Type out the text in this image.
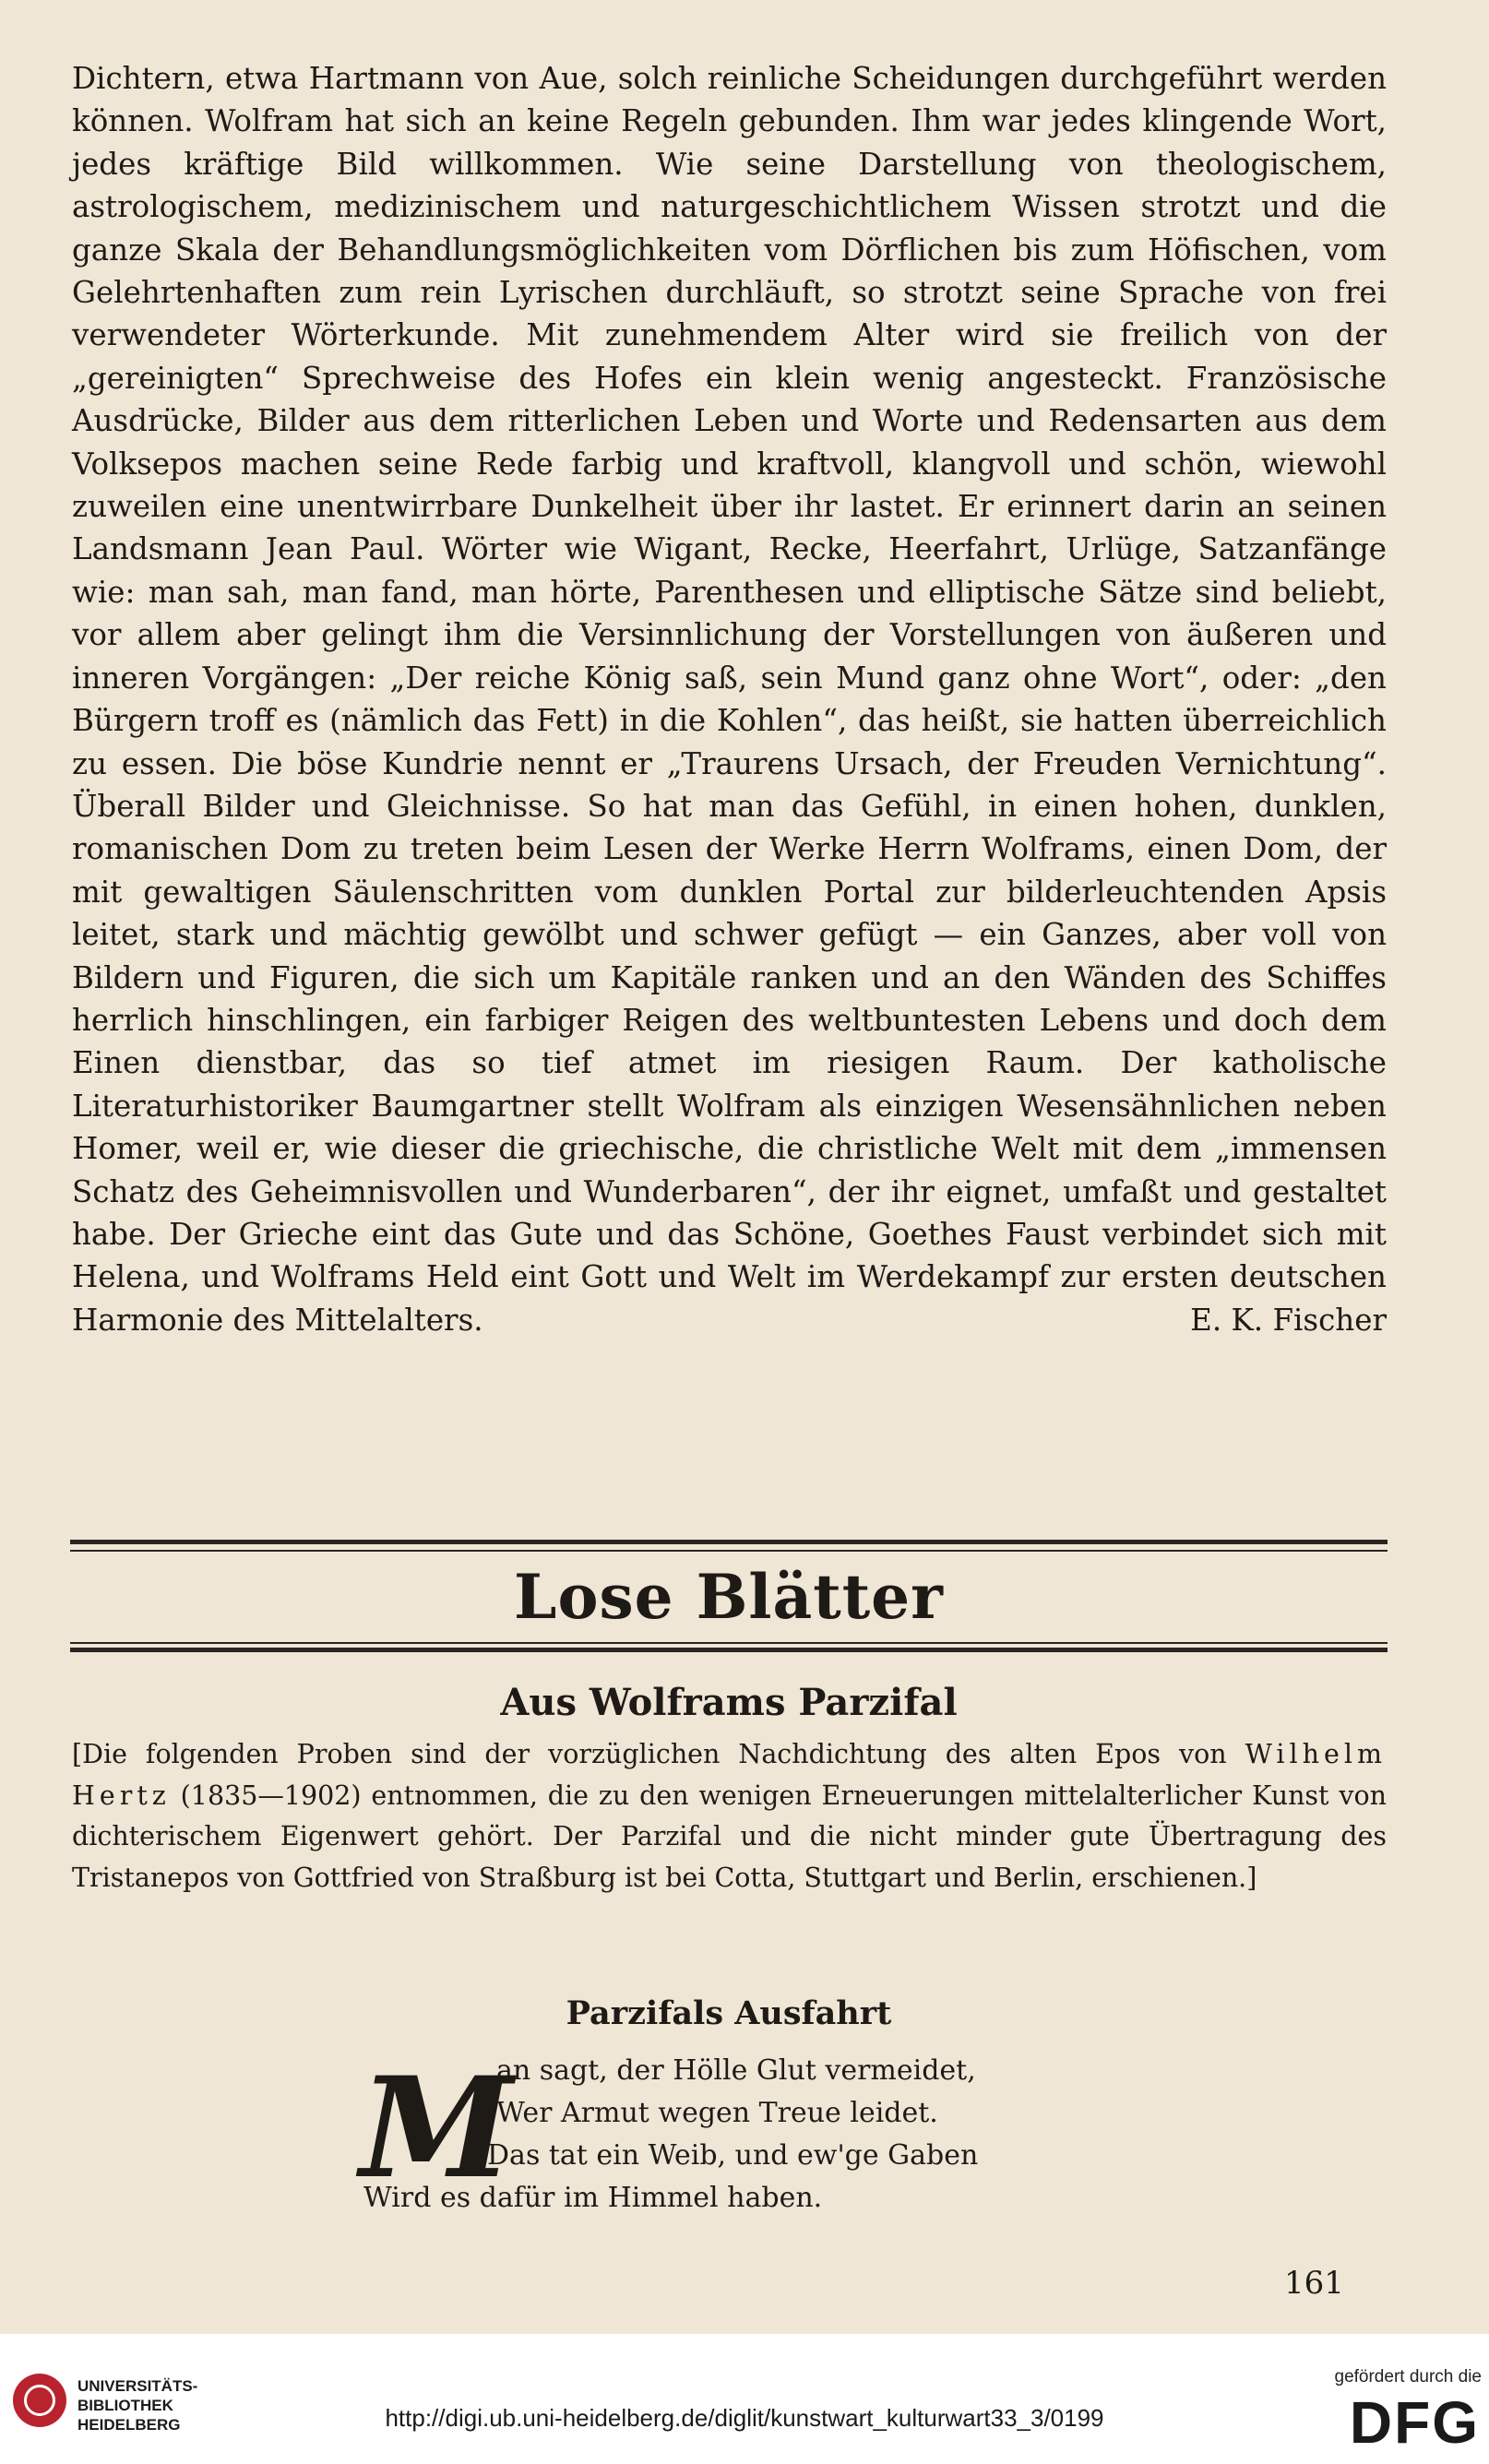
Dichtern, etwa Hartmann von Aue, solch reinliche Scheidungen durchgeführt werden können. Wolfram hat sich an keine Regeln gebunden. Ihm war jedes klingende Wort, jedes kräftige Bild willkommen. Wie seine Darstellung von theologischem, astrologischem, medizinischem und naturgeschichtlichem Wissen strotzt und die ganze Skala der Behandlungsmöglichkeiten vom Dörflichen bis zum Höfischen, vom Gelehrtenhaften zum rein Lyrischen durchläuft, so strotzt seine Sprache von frei verwendeter Wörterkunde. Mit zunehmendem Alter wird sie freilich von der „gereinigten“ Sprechweise des Hofes ein klein wenig angesteckt. Französische Ausdrücke, Bilder aus dem ritterlichen Leben und Worte und Redensarten aus dem Volksepos machen seine Rede farbig und kraftvoll, klangvoll und schön, wiewohl zuweilen eine unentwirrbare Dunkelheit über ihr lastet. Er erinnert darin an seinen Landsmann Jean Paul. Wörter wie Wigant, Recke, Heerfahrt, Urlüge, Satzanfänge wie: man sah, man fand, man hörte, Parenthesen und elliptische Sätze sind beliebt, vor allem aber gelingt ihm die Versinnlichung der Vorstellungen von äußeren und inneren Vorgängen: „Der reiche König saß, sein Mund ganz ohne Wort“, oder: „den Bürgern troff es (nämlich das Fett) in die Kohlen“, das heißt, sie hatten überreichlich zu essen. Die böse Kundrie nennt er „Traurens Ursach, der Freuden Vernichtung“. Überall Bilder und Gleichnisse. So hat man das Gefühl, in einen hohen, dunklen, romanischen Dom zu treten beim Lesen der Werke Herrn Wolframs, einen Dom, der mit gewaltigen Säulenschritten vom dunklen Portal zur bilderleuchtenden Apsis leitet, stark und mächtig gewölbt und schwer gefügt — ein Ganzes, aber voll von Bildern und Figuren, die sich um Kapitäle ranken und an den Wänden des Schiffes herrlich hinschlingen, ein farbiger Reigen des weltbuntesten Lebens und doch dem Einen dienstbar, das so tief atmet im riesigen Raum. Der katholische Literaturhistoriker Baumgartner stellt Wolfram als einzigen Wesensähnlichen neben Homer, weil er, wie dieser die griechische, die christliche Welt mit dem „immensen Schatz des Geheimnisvollen und Wunderbaren“, der ihr eignet, umfaßt und gestaltet habe. Der Grieche eint das Gute und das Schöne, Goethes Faust verbindet sich mit Helena, und Wolframs Held eint Gott und Welt im Werdekampf zur ersten deutschen Harmonie des Mittelalters.	E. K. Fischer
Lose Blätter
Aus Wolframs Parzifal
[Die folgenden Proben sind der vorzüglichen Nachdichtung des alten Epos von Wilhelm Hertz (1835—1902) entnommen, die zu den wenigen Erneuerungen mittelalterlicher Kunst von dichterischem Eigenwert gehört. Der Parzifal und die nicht minder gute Übertragung des Tristanepos von Gottfried von Straßburg ist bei Cotta, Stuttgart und Berlin, erschienen.]
Parzifals Ausfahrt
M
an sagt, der Hölle Glut vermeidet,
Wer Armut wegen Treue leidet.
Das tat ein Weib, und ew'ge Gaben
Wird es dafür im Himmel haben.
161
UNIVERSITÄTS-
BIBLIOTHEK
HEIDELBERG	http://digi.ub.uni-heidelberg.de/diglit/kunstwart_kulturwart33_3/0199
gefördert durch die
DFG
